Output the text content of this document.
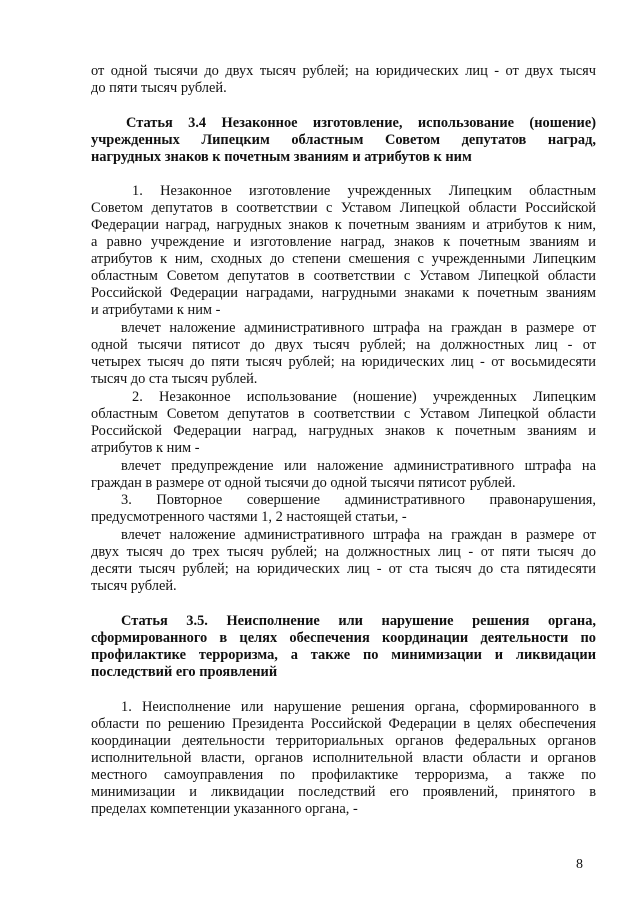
от одной тысячи до двух тысяч рублей; на юридических лиц - от двух тысяч
до пяти тысяч рублей.
Статья 3.4 Незаконное изготовление, использование (ношение)
учрежденных Липецким областным Советом депутатов наград,
нагрудных знаков к почетным званиям и атрибутов к ним
1. Незаконное изготовление учрежденных Липецким областным
Советом депутатов в соответствии с Уставом Липецкой области Российской
Федерации наград, нагрудных знаков к почетным званиям и атрибутов к ним,
а равно учреждение и изготовление наград, знаков к почетным званиям и
атрибутов к ним, сходных до степени смешения с учрежденными Липецким
областным Советом депутатов в соответствии с Уставом Липецкой области
Российской Федерации наградами, нагрудными знаками к почетным званиям
и атрибутами к ним -
влечет наложение административного штрафа на граждан в размере от
одной тысячи пятисот до двух тысяч рублей; на должностных лиц - от
четырех тысяч до пяти тысяч рублей; на юридических лиц - от восьмидесяти
тысяч до ста тысяч рублей.
2. Незаконное использование (ношение) учрежденных Липецким
областным Советом депутатов в соответствии с Уставом Липецкой области
Российской Федерации наград, нагрудных знаков к почетным званиям и
атрибутов к ним -
влечет предупреждение или наложение административного штрафа на
граждан в размере от одной тысячи до одной тысячи пятисот рублей.
3. Повторное совершение административного правонарушения,
предусмотренного частями 1, 2 настоящей статьи, -
влечет наложение административного штрафа на граждан в размере от
двух тысяч до трех тысяч рублей; на должностных лиц - от пяти тысяч до
десяти тысяч рублей; на юридических лиц - от ста тысяч до ста пятидесяти
тысяч рублей.
Статья 3.5. Неисполнение или нарушение решения органа,
сформированного в целях обеспечения координации деятельности по
профилактике терроризма, а также по минимизации и ликвидации
последствий его проявлений
1. Неисполнение или нарушение решения органа, сформированного в
области по решению Президента Российской Федерации в целях обеспечения
координации деятельности территориальных органов федеральных органов
исполнительной власти, органов исполнительной власти области и органов
местного самоуправления по профилактике терроризма, а также по
минимизации и ликвидации последствий его проявлений, принятого в
пределах компетенции указанного органа, -
8
